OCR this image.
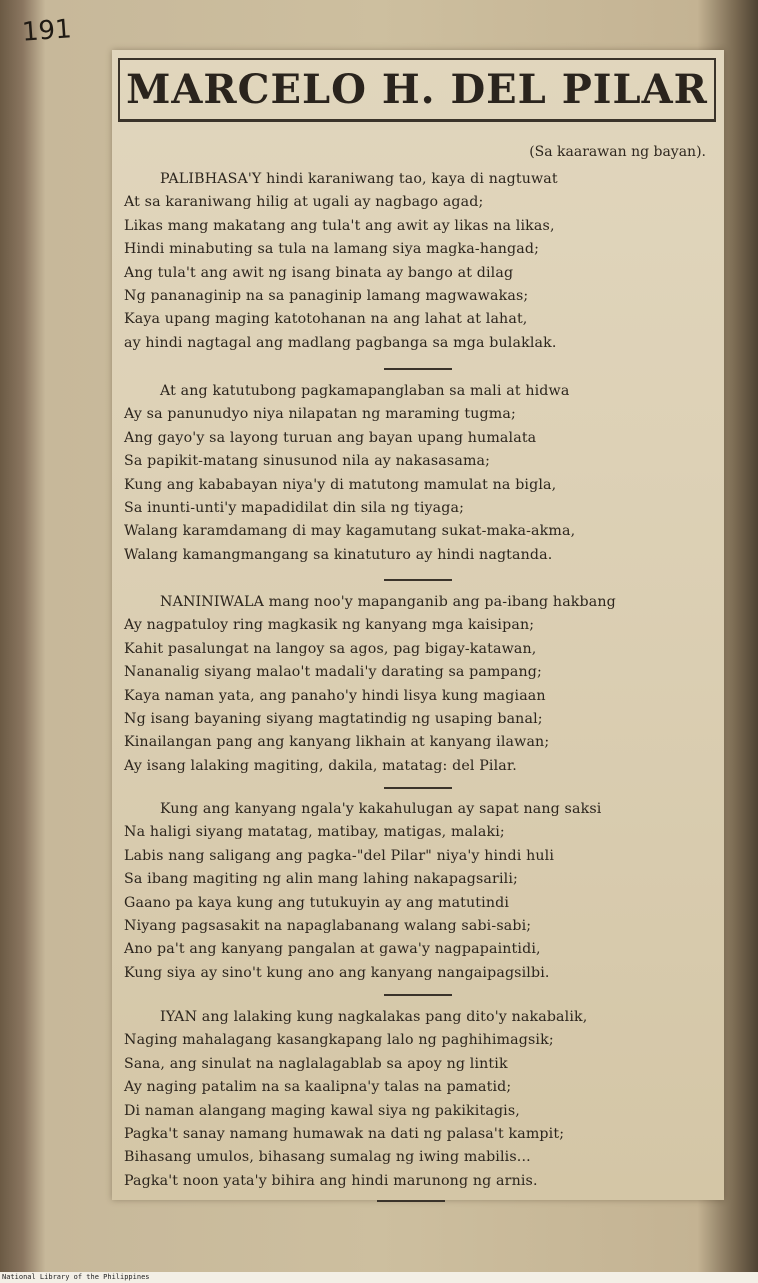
191
MARCELO H. DEL PILAR
(Sa kaarawan ng bayan).
PALIBHASA'Y hindi karaniwang tao, kaya di nagtuwat
At sa karaniwang hilig at ugali ay nagbago agad;
Likas mang makatang ang tula't ang awit ay likas na likas,
Hindi minabuting sa tula na lamang siya magka-hangad;
Ang tula't ang awit ng isang binata ay bango at dilag
Ng pananaginip na sa panaginip lamang magwawakas;
Kaya upang maging katotohanan na ang lahat at lahat,
ay hindi nagtagal ang madlang pagbanga sa mga bulaklak.
At ang katutubong pagkamapanglaban sa mali at hidwa
Ay sa panunudyo niya nilapatan ng maraming tugma;
Ang gayo'y sa layong turuan ang bayan upang humalata
Sa papikit-matang sinusunod nila ay nakasasama;
Kung ang kababayan niya'y di matutong mamulat na bigla,
Sa inunti-unti'y mapadidilat din sila ng tiyaga;
Walang karamdamang di may kagamutang sukat-maka-akma,
Walang kamangmangang sa kinatuturo ay hindi nagtanda.
NANINIWALA mang noo'y mapanganib ang pa-ibang hakbang
Ay nagpatuloy ring magkasik ng kanyang mga kaisipan;
Kahit pasalungat na langoy sa agos, pag bigay-katawan,
Nananalig siyang malao't madali'y darating sa pampang;
Kaya naman yata, ang panaho'y hindi lisya kung magiaan
Ng isang bayaning siyang magtatindig ng usaping banal;
Kinailangan pang ang kanyang likhain at kanyang ilawan;
Ay isang lalaking magiting, dakila, matatag: del Pilar.
Kung ang kanyang ngala'y kakahulugan ay sapat nang saksi
Na haligi siyang matatag, matibay, matigas, malaki;
Labis nang saligang ang pagka-"del Pilar" niya'y hindi huli
Sa ibang magiting ng alin mang lahing nakapagsarili;
Gaano pa kaya kung ang tutukuyin ay ang matutindi
Niyang pagsasakit na napaglabanang walang sabi-sabi;
Ano pa't ang kanyang pangalan at gawa'y nagpapaintidi,
Kung siya ay sino't kung ano ang kanyang nangaipagsilbi.
IYAN ang lalaking kung nagkalakas pang dito'y nakabalik,
Naging mahalagang kasangkapang lalo ng paghihimagsik;
Sana, ang sinulat na naglalagablab sa apoy ng lintik
Ay naging patalim na sa kaalipna'y talas na pamatid;
Di naman alangang maging kawal siya ng pakikitagis,
Pagka't sanay namang humawak na dati ng palasa't kampit;
Bihasang umulos, bihasang sumalag ng iwing mabilis...
Pagka't noon yata'y bihira ang hindi marunong ng arnis.
National Library of the Philippines
